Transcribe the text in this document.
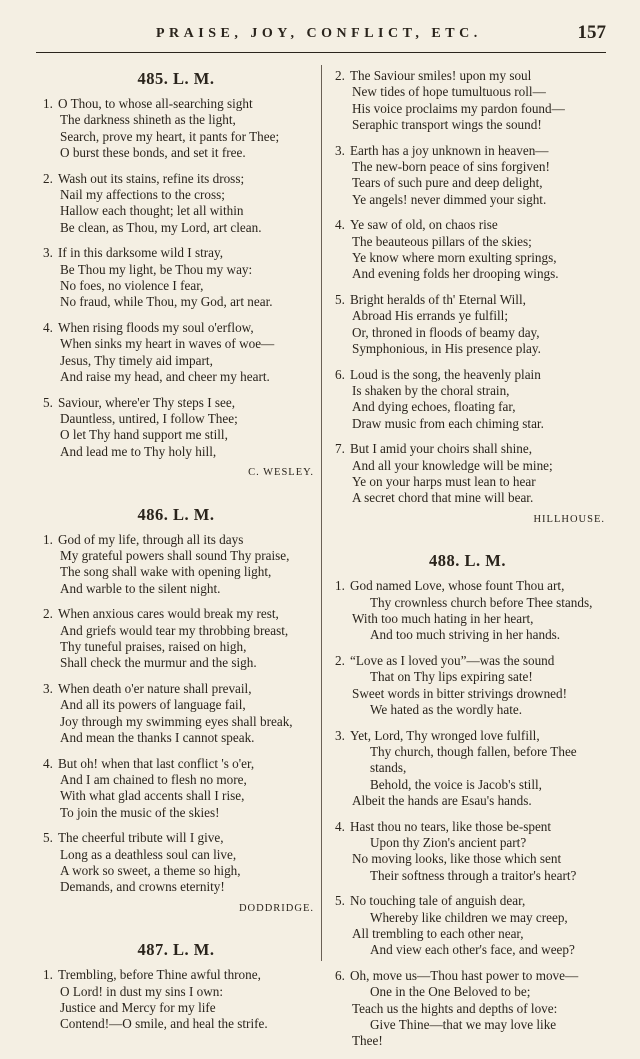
PRAISE, JOY, CONFLICT, ETC.	157
485. L. M.
1. O Thou, to whose all-searching sight
The darkness shineth as the light,
Search, prove my heart, it pants for Thee;
O burst these bonds, and set it free.
2. Wash out its stains, refine its dross;
Nail my affections to the cross;
Hallow each thought; let all within
Be clean, as Thou, my Lord, art clean.
3. If in this darksome wild I stray,
Be Thou my light, be Thou my way:
No foes, no violence I fear,
No fraud, while Thou, my God, art near.
4. When rising floods my soul o'erflow,
When sinks my heart in waves of woe—
Jesus, Thy timely aid impart,
And raise my head, and cheer my heart.
5. Saviour, where'er Thy steps I see,
Dauntless, untired, I follow Thee;
O let Thy hand support me still,
And lead me to Thy holy hill,
C. WESLEY.
486. L. M.
1. God of my life, through all its days
My grateful powers shall sound Thy praise,
The song shall wake with opening light,
And warble to the silent night.
2. When anxious cares would break my rest,
And griefs would tear my throbbing breast,
Thy tuneful praises, raised on high,
Shall check the murmur and the sigh.
3. When death o'er nature shall prevail,
And all its powers of language fail,
Joy through my swimming eyes shall break,
And mean the thanks I cannot speak.
4. But oh! when that last conflict 's o'er,
And I am chained to flesh no more,
With what glad accents shall I rise,
To join the music of the skies!
5. The cheerful tribute will I give,
Long as a deathless soul can live,
A work so sweet, a theme so high,
Demands, and crowns eternity!
DODDRIDGE.
487. L. M.
1. Trembling, before Thine awful throne,
O Lord! in dust my sins I own:
Justice and Mercy for my life
Contend!—O smile, and heal the strife.
2. The Saviour smiles! upon my soul
New tides of hope tumultuous roll—
His voice proclaims my pardon found—
Seraphic transport wings the sound!
3. Earth has a joy unknown in heaven—
The new-born peace of sins forgiven!
Tears of such pure and deep delight,
Ye angels! never dimmed your sight.
4. Ye saw of old, on chaos rise
The beauteous pillars of the skies;
Ye know where morn exulting springs,
And evening folds her drooping wings.
5. Bright heralds of th' Eternal Will,
Abroad His errands ye fulfill;
Or, throned in floods of beamy day,
Symphonious, in His presence play.
6. Loud is the song, the heavenly plain
Is shaken by the choral strain,
And dying echoes, floating far,
Draw music from each chiming star.
7. But I amid your choirs shall shine,
And all your knowledge will be mine;
Ye on your harps must lean to hear
A secret chord that mine will bear.
HILLHOUSE.
488. L. M.
1. God named Love, whose fount Thou art,
Thy crownless church before Thee stands,
With too much hating in her heart,
And too much striving in her hands.
2. “Love as I loved you”—was the sound
That on Thy lips expiring sate!
Sweet words in bitter strivings drowned!
We hated as the wordly hate.
3. Yet, Lord, Thy wronged love fulfill,
Thy church, though fallen, before Thee
stands,
Behold, the voice is Jacob's still,
Albeit the hands are Esau's hands.
4. Hast thou no tears, like those be-spent
Upon thy Zion's ancient part?
No moving looks, like those which sent
Their softness through a traitor's heart?
5. No touching tale of anguish dear,
Whereby like children we may creep,
All trembling to each other near,
And view each other's face, and weep?
6. Oh, move us—Thou hast power to move—
One in the One Beloved to be;
Teach us the hights and depths of love:
Give Thine—that we may love like
Thee!
